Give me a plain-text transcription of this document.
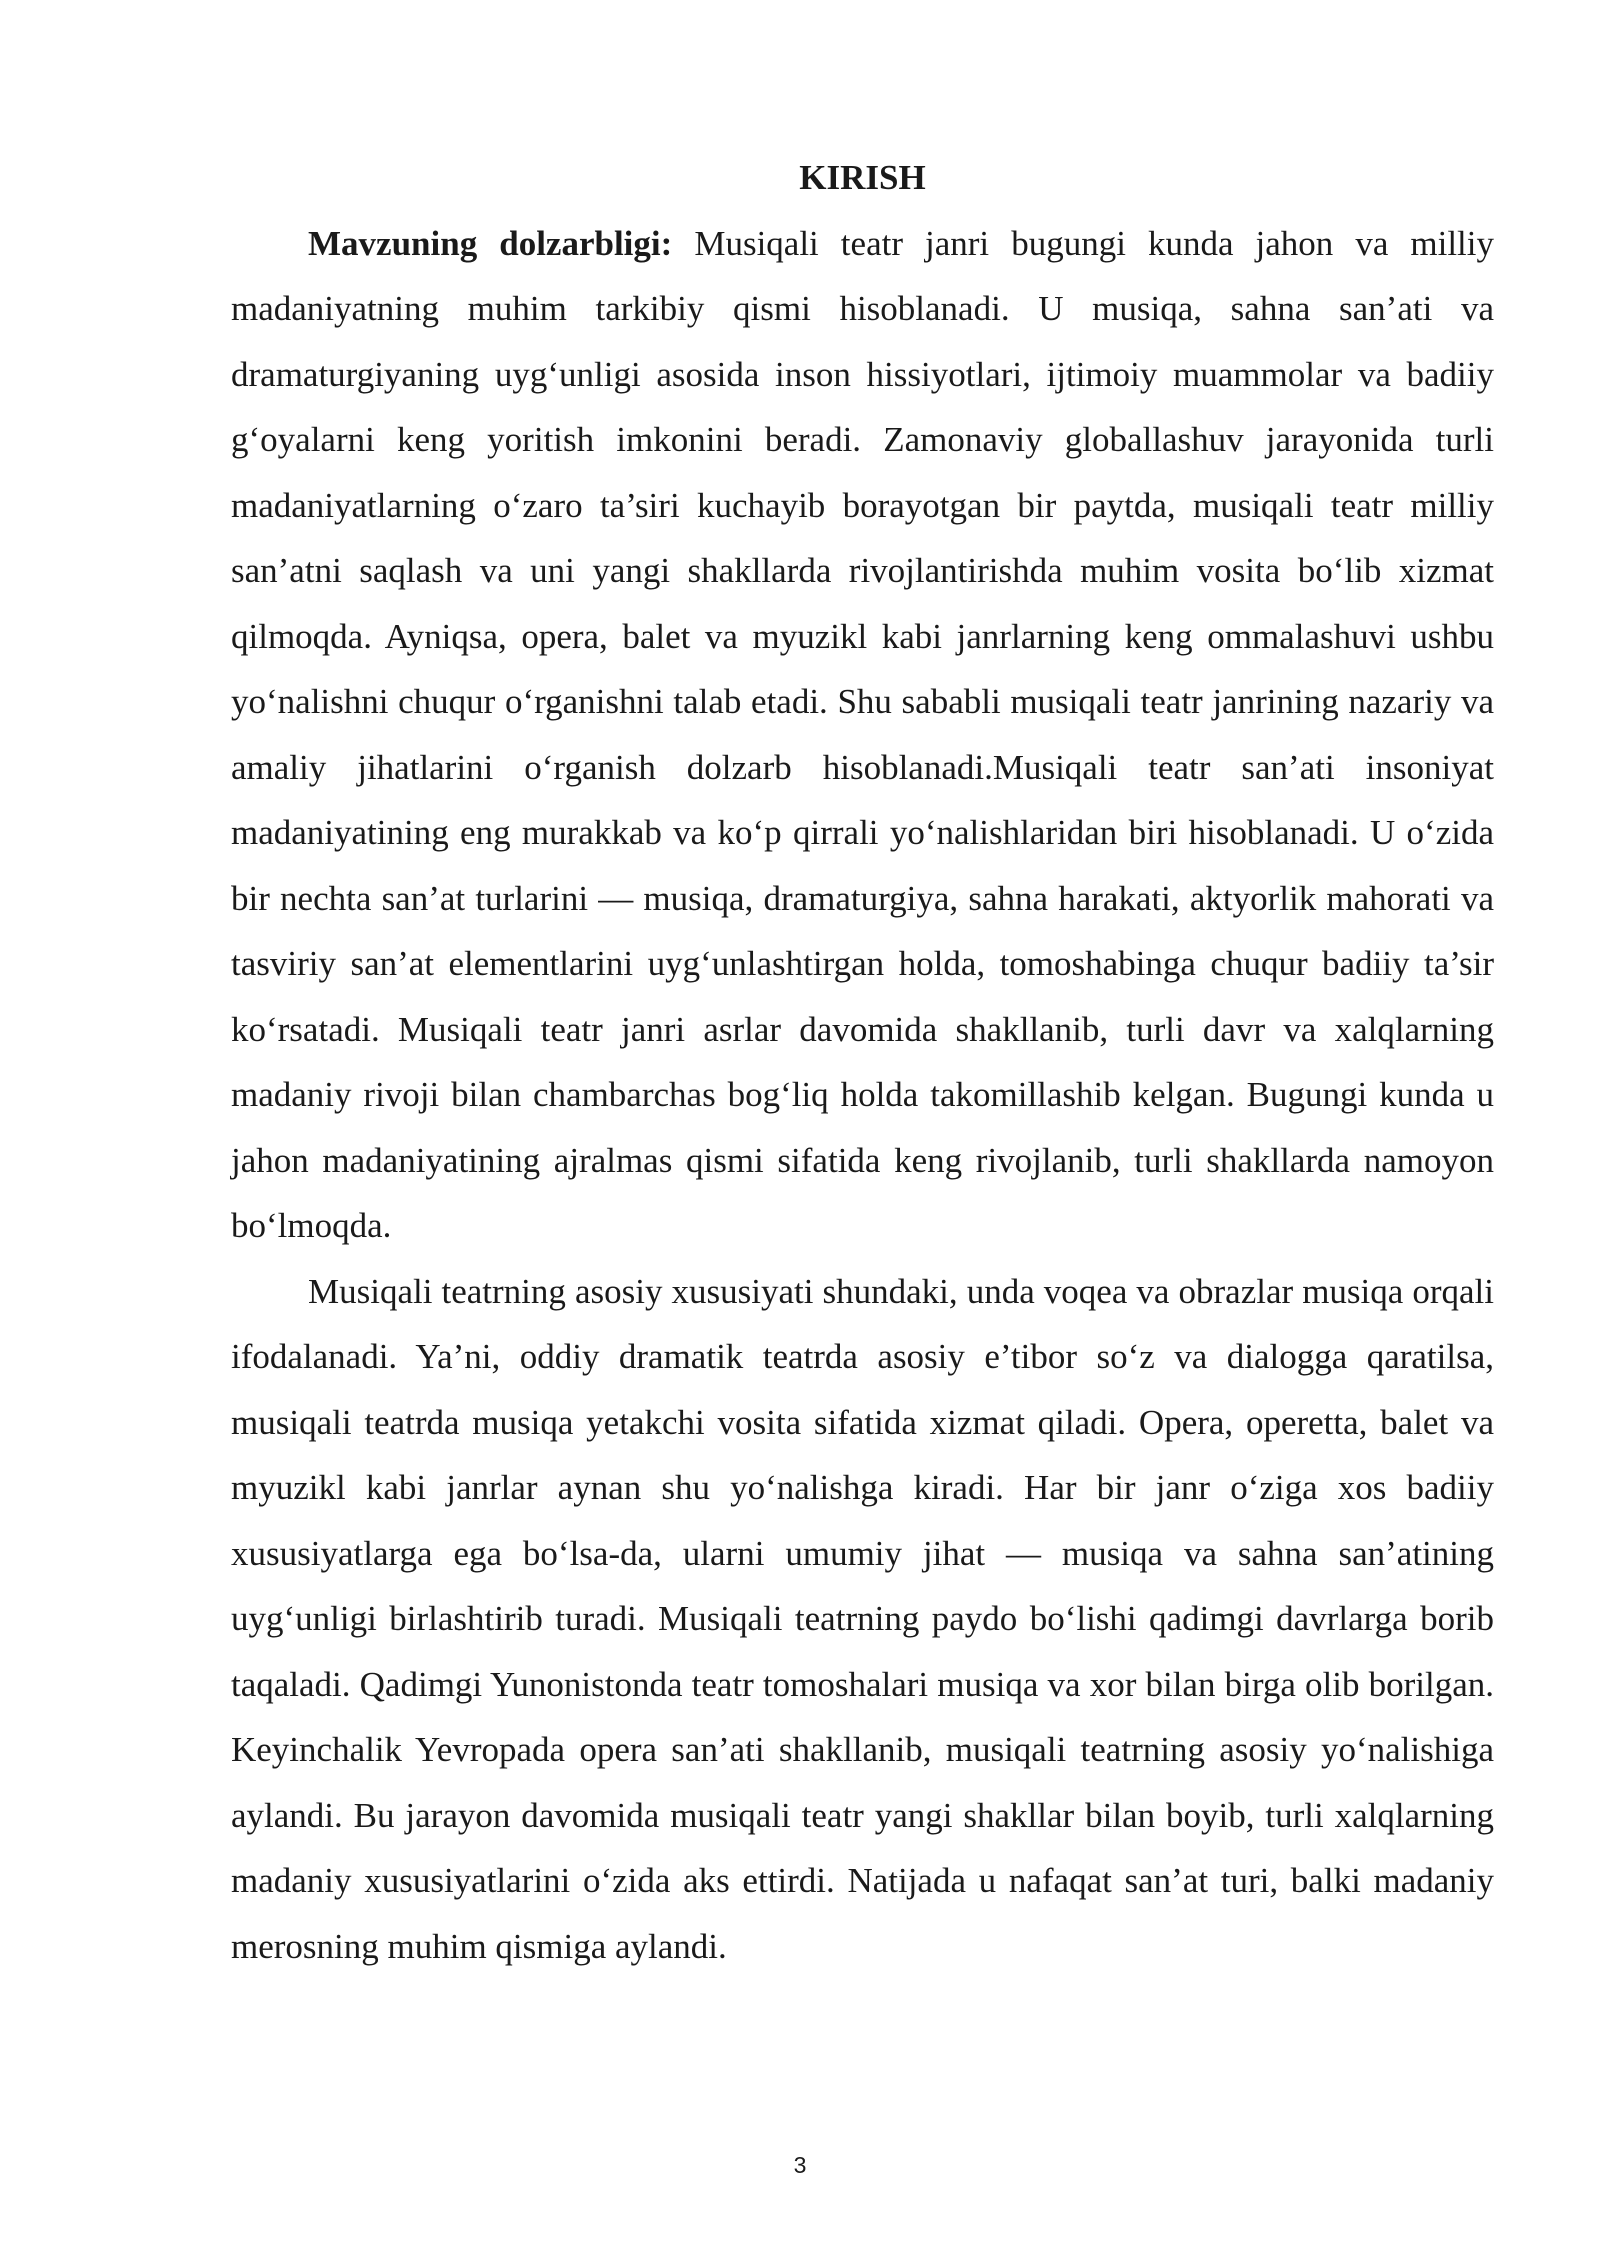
KIRISH

Mavzuning dolzarbligi: Musiqali teatr janri bugungi kunda jahon va milliy madaniyatning muhim tarkibiy qismi hisoblanadi. U musiqa, sahna san’ati va dramaturgiyaning uyg‘unligi asosida inson hissiyotlari, ijtimoiy muammolar va badiiy g‘oyalarni keng yoritish imkonini beradi. Zamonaviy globallashuv jarayonida turli madaniyatlarning o‘zaro ta’siri kuchayib borayotgan bir paytda, musiqali teatr milliy san’atni saqlash va uni yangi shakllarda rivojlantirishda muhim vosita bo‘lib xizmat qilmoqda. Ayniqsa, opera, balet va myuzikl kabi janrlarning keng ommalashuvi ushbu yo‘nalishni chuqur o‘rganishni talab etadi. Shu sababli musiqali teatr janrining nazariy va amaliy jihatlarini o‘rganish dolzarb hisoblanadi.Musiqali teatr san’ati insoniyat madaniyatining eng murakkab va ko‘p qirrali yo‘nalishlaridan biri hisoblanadi. U o‘zida bir nechta san’at turlarini — musiqa, dramaturgiya, sahna harakati, aktyorlik mahorati va tasviriy san’at elementlarini uyg‘unlashtirgan holda, tomoshabinga chuqur badiiy ta’sir ko‘rsatadi. Musiqali teatr janri asrlar davomida shakllanib, turli davr va xalqlarning madaniy rivoji bilan chambarchas bog‘liq holda takomillashib kelgan. Bugungi kunda u jahon madaniyatining ajralmas qismi sifatida keng rivojlanib, turli shakllarda namoyon bo‘lmoqda.

Musiqali teatrning asosiy xususiyati shundaki, unda voqea va obrazlar musiqa orqali ifodalanadi. Ya’ni, oddiy dramatik teatrda asosiy e’tibor so‘z va dialogga qaratilsa, musiqali teatrda musiqa yetakchi vosita sifatida xizmat qiladi. Opera, operetta, balet va myuzikl kabi janrlar aynan shu yo‘nalishga kiradi. Har bir janr o‘ziga xos badiiy xususiyatlarga ega bo‘lsa-da, ularni umumiy jihat — musiqa va sahna san’atining uyg‘unligi birlashtirib turadi. Musiqali teatrning paydo bo‘lishi qadimgi davrlarga borib taqaladi. Qadimgi Yunonistonda teatr tomoshalari musiqa va xor bilan birga olib borilgan. Keyinchalik Yevropada opera san’ati shakllanib, musiqali teatrning asosiy yo‘nalishiga aylandi. Bu jarayon davomida musiqali teatr yangi shakllar bilan boyib, turli xalqlarning madaniy xususiyatlarini o‘zida aks ettirdi. Natijada u nafaqat san’at turi, balki madaniy merosning muhim qismiga aylandi.

3
